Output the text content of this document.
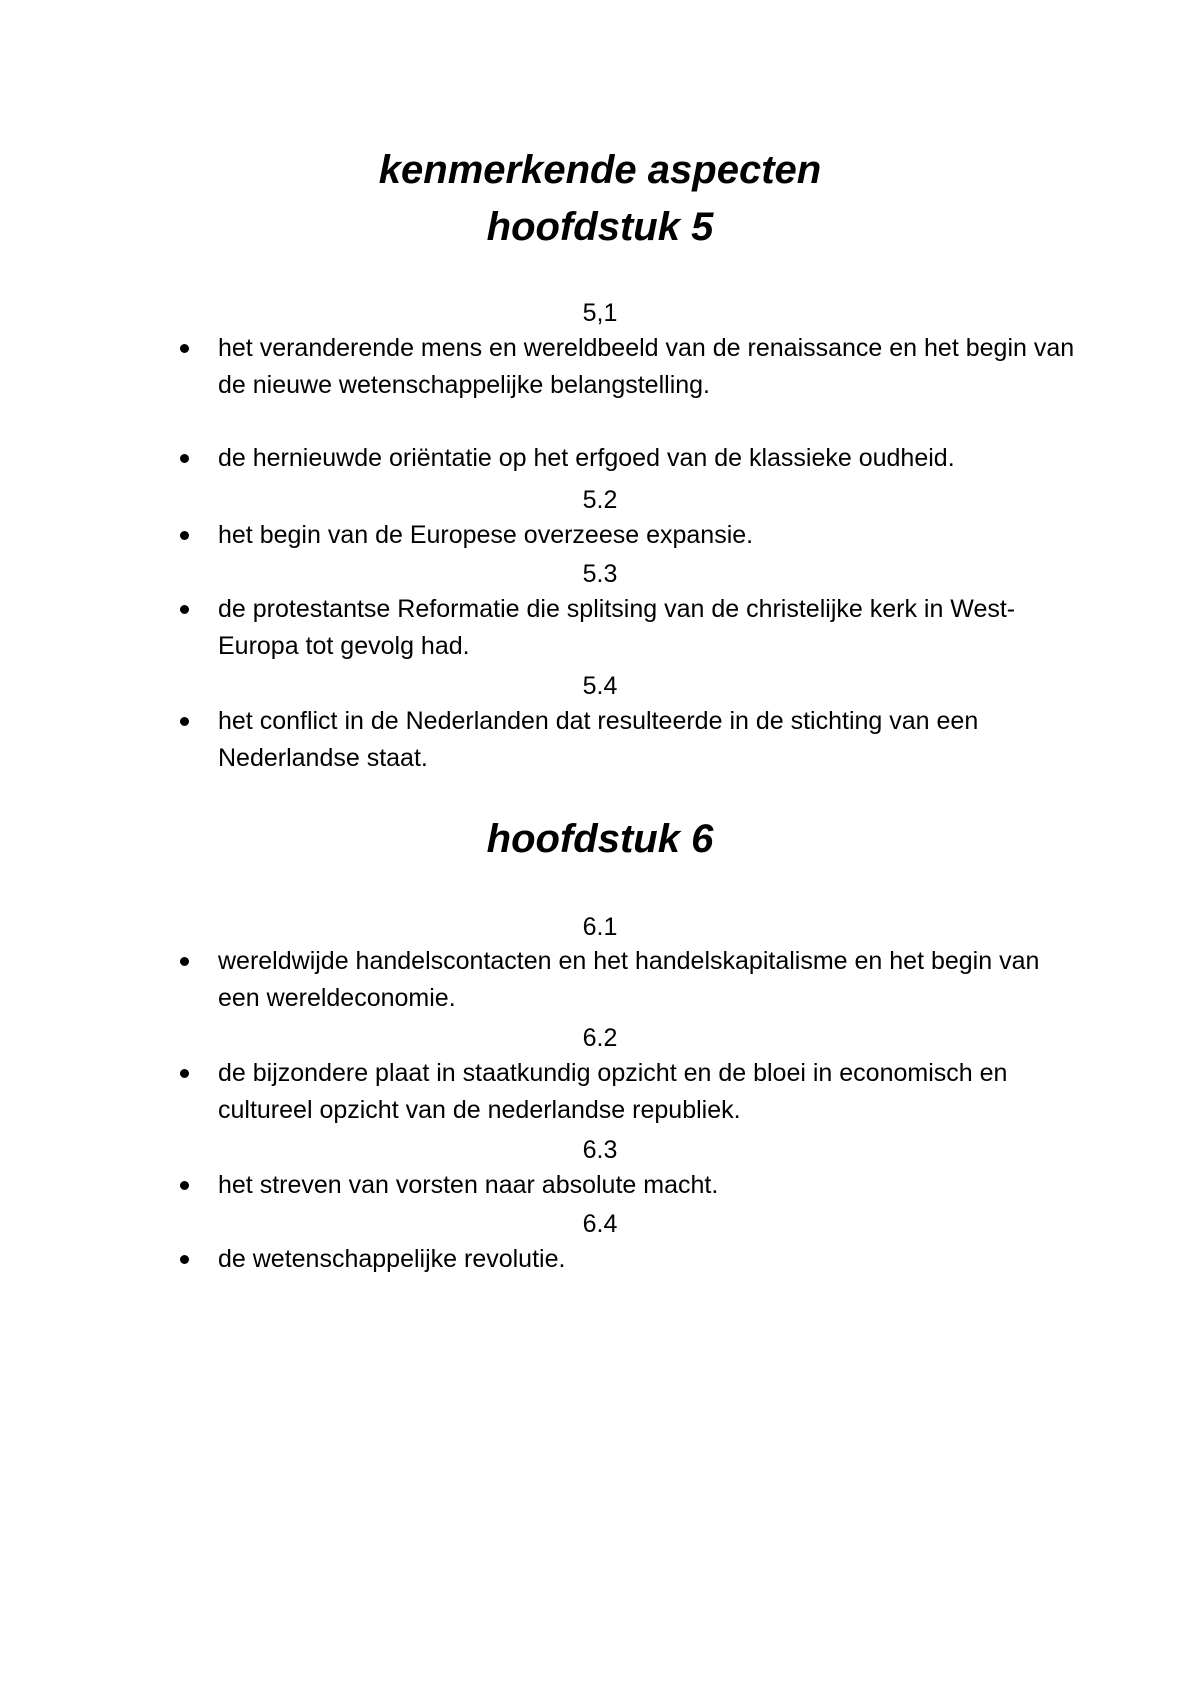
kenmerkende aspecten
hoofdstuk 5
5,1
het veranderende mens en wereldbeeld van de renaissance en het begin van de nieuwe wetenschappelijke belangstelling.
de hernieuwde oriëntatie op het erfgoed van de klassieke oudheid.
5.2
het begin van de Europese overzeese expansie.
5.3
de protestantse Reformatie die splitsing van de christelijke kerk in West-Europa tot gevolg had.
5.4
het conflict in de Nederlanden dat resulteerde in de stichting van een Nederlandse staat.
hoofdstuk 6
6.1
wereldwijde handelscontacten en het handelskapitalisme en het begin van een wereldeconomie.
6.2
de bijzondere plaat in staatkundig opzicht en de bloei in economisch en cultureel opzicht van de nederlandse republiek.
6.3
het streven van vorsten naar absolute macht.
6.4
de wetenschappelijke revolutie.
